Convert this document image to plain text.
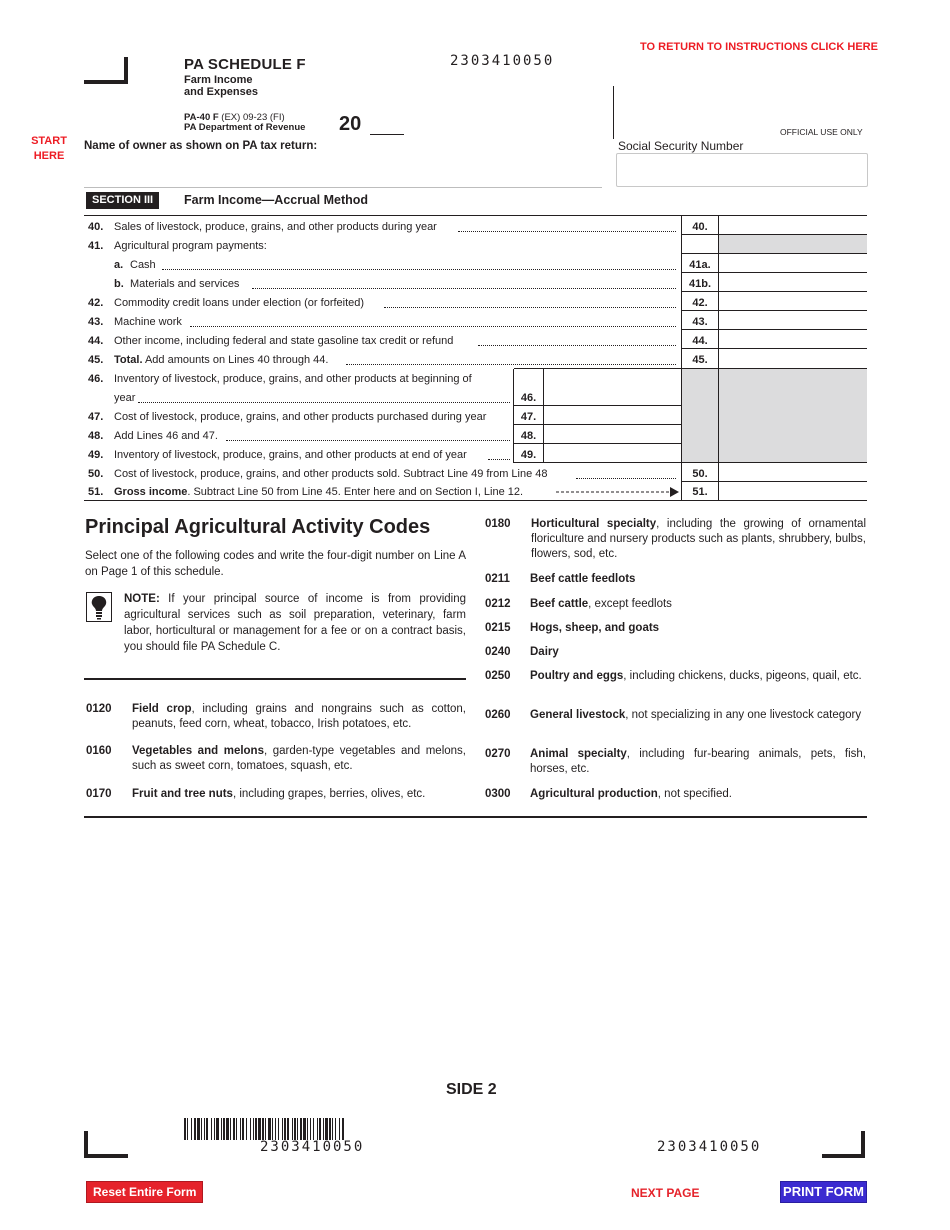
PA SCHEDULE F
Farm Income
and Expenses
PA-40 F (EX) 09-23 (FI)
PA Department of Revenue 20
2303410050
TO RETURN TO INSTRUCTIONS CLICK HERE
START
HERE
OFFICIAL USE ONLY
Social Security Number
Name of owner as shown on PA tax return:
SECTION III	Farm Income—Accrual Method
40. Sales of livestock, produce, grains, and other products during year	40.
41. Agricultural program payments:
a. Cash	41a.
b. Materials and services	41b.
42. Commodity credit loans under election (or forfeited)	42.
43. Machine work	43.
44. Other income, including federal and state gasoline tax credit or refund	44.
45. Total. Add amounts on Lines 40 through 44.	45.
46. Inventory of livestock, produce, grains, and other products at beginning of
year	46.
47. Cost of livestock, produce, grains, and other products purchased during year	47.
48. Add Lines 46 and 47.	48.
49. Inventory of livestock, produce, grains, and other products at end of year	49.
50. Cost of livestock, produce, grains, and other products sold. Subtract Line 49 from Line 48	50.
51. Gross income. Subtract Line 50 from Line 45. Enter here and on Section I, Line 12.	51.
Principal Agricultural Activity Codes
Select one of the following codes and write the four-digit number on Line A on Page 1 of this schedule.
NOTE: If your principal source of income is from providing agricultural services such as soil preparation, veterinary, farm labor, horticultural or management for a fee or on a contract basis, you should file PA Schedule C.
0120 Field crop, including grains and nongrains such as cotton, peanuts, feed corn, wheat, tobacco, Irish potatoes, etc.
0160 Vegetables and melons, garden-type vegetables and melons, such as sweet corn, tomatoes, squash, etc.
0170 Fruit and tree nuts, including grapes, berries, olives, etc.
0180 Horticultural specialty, including the growing of ornamental floriculture and nursery products such as plants, shrubbery, bulbs, flowers, sod, etc.
0211 Beef cattle feedlots
0212 Beef cattle, except feedlots
0215 Hogs, sheep, and goats
0240 Dairy
0250 Poultry and eggs, including chickens, ducks, pigeons, quail, etc.
0260 General livestock, not specializing in any one livestock category
0270 Animal specialty, including fur-bearing animals, pets, fish, horses, etc.
0300 Agricultural production, not specified.
SIDE 2
2303410050	2303410050
Reset Entire Form	NEXT PAGE	PRINT FORM
